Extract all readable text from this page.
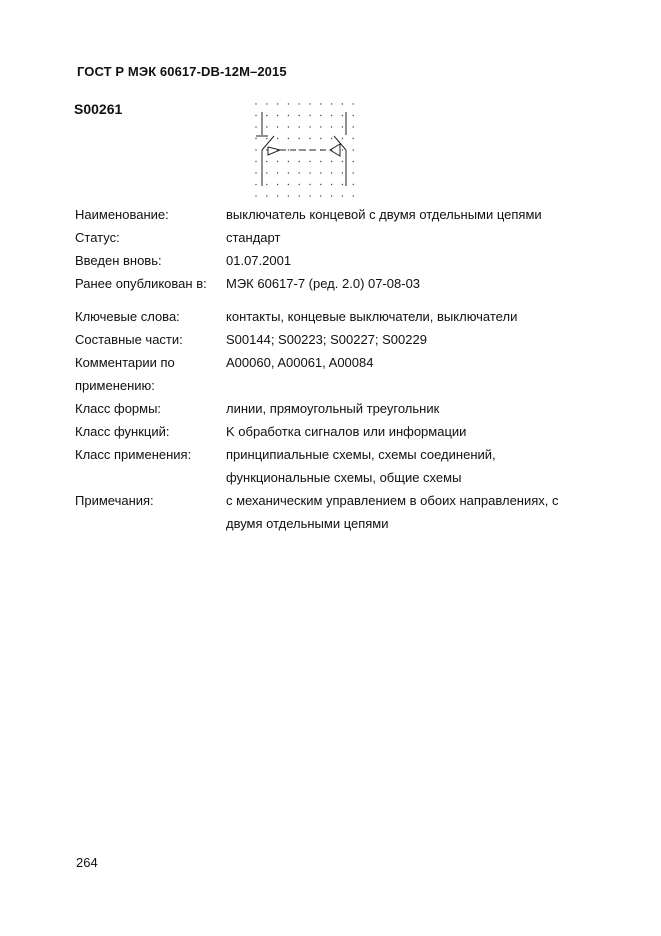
ГОСТ Р МЭК 60617-DB-12M–2015
S00261
Наименование:	выключатель концевой с двумя отдельными цепями
Статус:	стандарт
Введен вновь:	01.07.2001
Ранее опубликован в:	МЭК 60617-7 (ред. 2.0) 07-08-03
Ключевые слова:	контакты, концевые выключатели, выключатели
Составные части:	S00144; S00223; S00227; S00229
Комментарии по	A00060, A00061, A00084
применению:
Класс формы:	линии, прямоугольный треугольник
Класс функций:	K обработка сигналов или информации
Класс применения:	принципиальные схемы, схемы соединений,
функциональные схемы, общие схемы
Примечания:	с механическим управлением в обоих направлениях, с
двумя отдельными цепями
264
